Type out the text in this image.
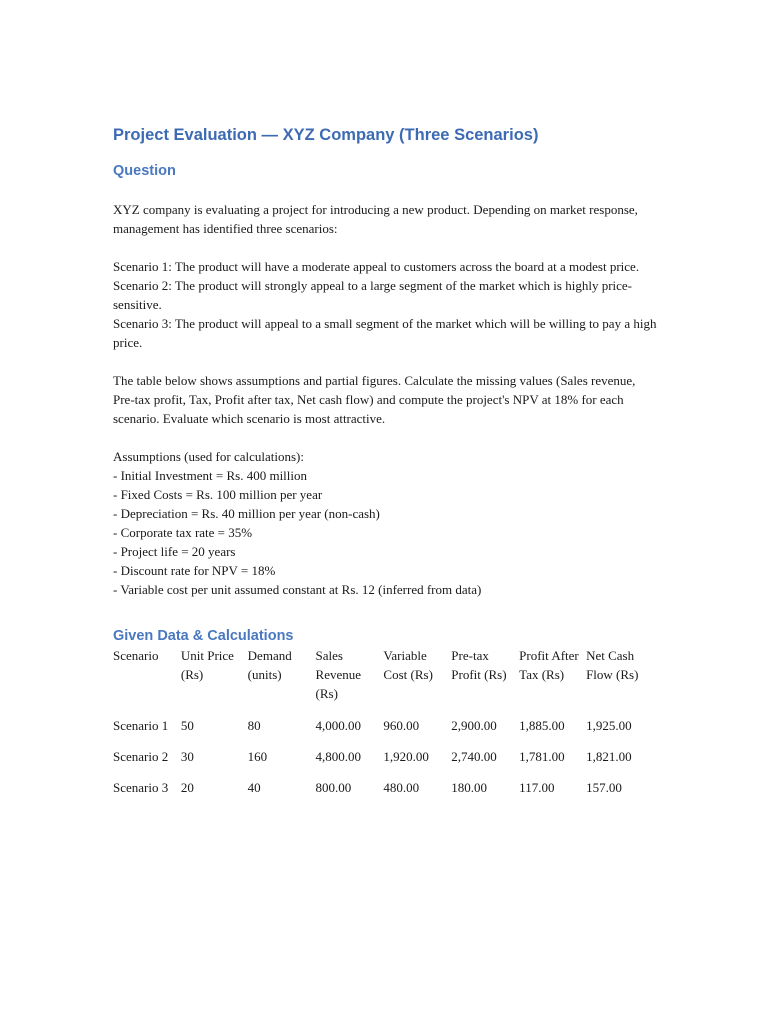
Project Evaluation — XYZ Company (Three Scenarios)
Question

XYZ company is evaluating a project for introducing a new product. Depending on market response, management has identified three scenarios:

Scenario 1: The product will have a moderate appeal to customers across the board at a modest price.

Scenario 2: The product will strongly appeal to a large segment of the market which is highly price-sensitive.

Scenario 3: The product will appeal to a small segment of the market which will be willing to pay a high price.

The table below shows assumptions and partial figures. Calculate the missing values (Sales revenue, Pre-tax profit, Tax, Profit after tax, Net cash flow) and compute the project's NPV at 18% for each scenario. Evaluate which scenario is most attractive.

Assumptions (used for calculations):

- Initial Investment = Rs. 400 million

- Fixed Costs = Rs. 100 million per year

- Depreciation = Rs. 40 million per year (non-cash)

- Corporate tax rate = 35%

- Project life = 20 years

- Discount rate for NPV = 18%

- Variable cost per unit assumed constant at Rs. 12 (inferred from data)

Given Data & Calculations
Scenario	Unit Price (Rs)	Demand (units)	Sales Revenue (Rs)	Variable Cost (Rs)	Pre-tax Profit (Rs)	Profit After Tax (Rs)	Net Cash Flow (Rs)
Scenario 1	50	80	4,000.00	960.00	2,900.00	1,885.00	1,925.00
Scenario 2	30	160	4,800.00	1,920.00	2,740.00	1,781.00	1,821.00
Scenario 3	20	40	800.00	480.00	180.00	117.00	157.00
